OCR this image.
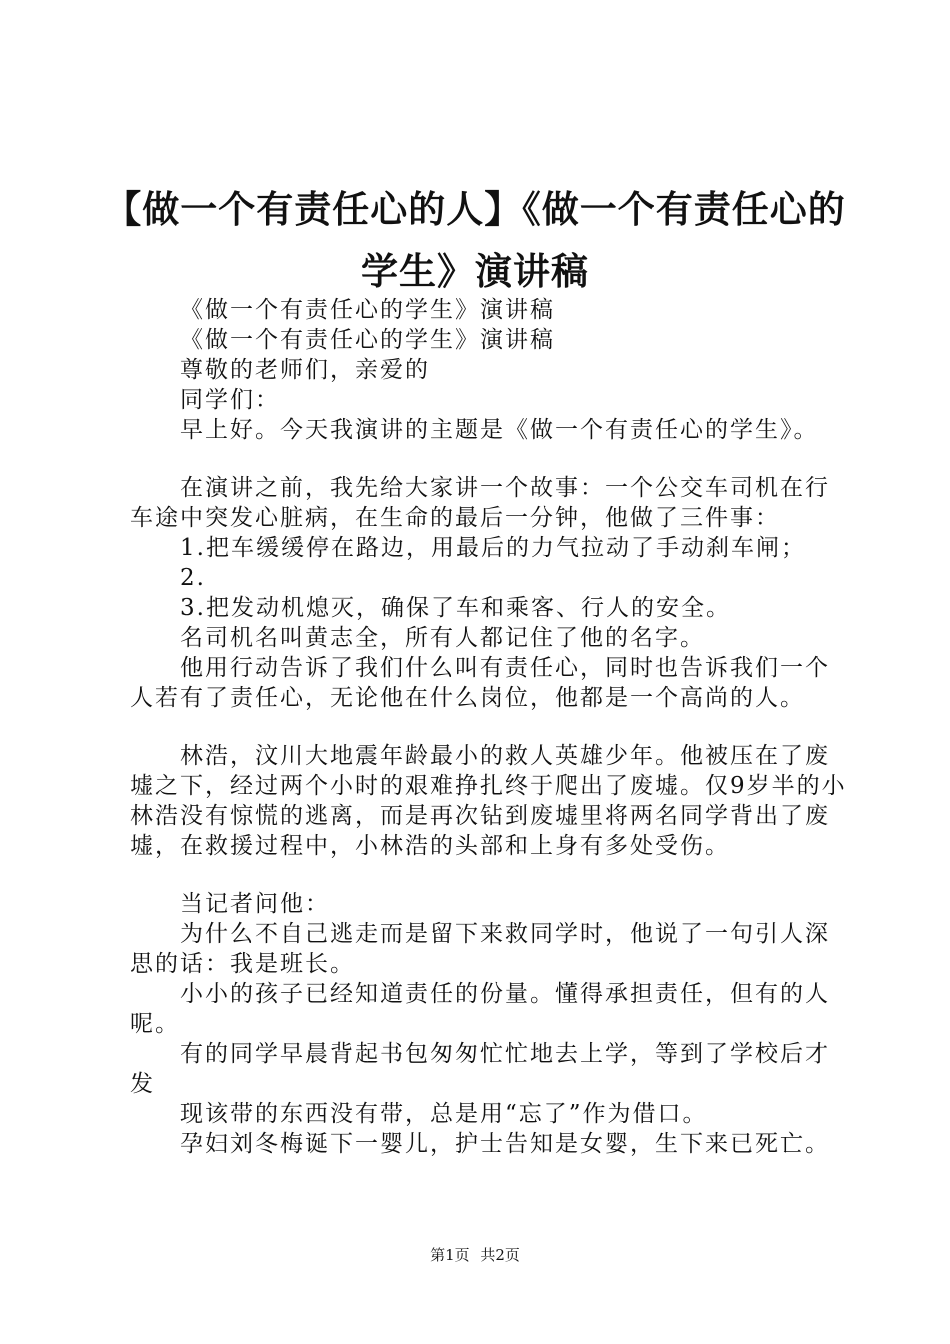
【做一个有责任心的人】《做一个有责任心的
学生》演讲稿

《做一个有责任心的学生》演讲稿

《做一个有责任心的学生》演讲稿

尊敬的老师们，亲爱的

同学们：

早上好。今天我演讲的主题是《做一个有责任心的学生》。

在演讲之前，我先给大家讲一个故事：一个公交车司机在行车途中突发心脏病，在生命的最后一分钟，他做了三件事：

1.把车缓缓停在路边，用最后的力气拉动了手动刹车闸；

2.

3.把发动机熄灭，确保了车和乘客、行人的安全。

名司机名叫黄志全，所有人都记住了他的名字。

他用行动告诉了我们什么叫有责任心，同时也告诉我们一个人若有了责任心，无论他在什么岗位，他都是一个高尚的人。

林浩，汶川大地震年龄最小的救人英雄少年。他被压在了废墟之下，经过两个小时的艰难挣扎终于爬出了废墟。仅9岁半的小林浩没有惊慌的逃离，而是再次钻到废墟里将两名同学背出了废墟，在救援过程中，小林浩的头部和上身有多处受伤。

当记者问他：

为什么不自己逃走而是留下来救同学时，他说了一句引人深思的话：我是班长。

小小的孩子已经知道责任的份量。懂得承担责任，但有的人呢。

有的同学早晨背起书包匆匆忙忙地去上学，等到了学校后才发

现该带的东西没有带，总是用“忘了”作为借口。

孕妇刘冬梅诞下一婴儿，护士告知是女婴，生下来已死亡。

第1页 共2页
